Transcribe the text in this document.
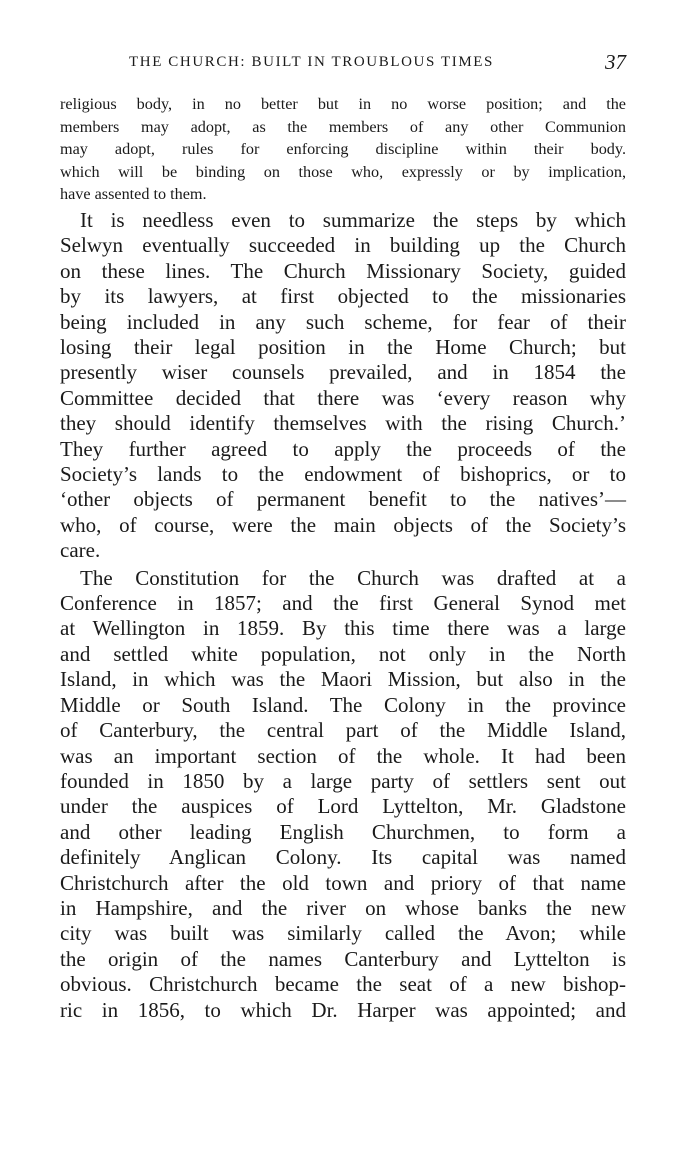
THE CHURCH: BUILT IN TROUBLOUS TIMES	37
religious body, in no better but in no worse position; and the
members may adopt, as the members of any other Communion
may adopt, rules for enforcing discipline within their body.
which will be binding on those who, expressly or by implication,
have assented to them.
It is needless even to summarize the steps by which
Selwyn eventually succeeded in building up the Church
on these lines. The Church Missionary Society, guided
by its lawyers, at first objected to the missionaries
being included in any such scheme, for fear of their
losing their legal position in the Home Church; but
presently wiser counsels prevailed, and in 1854 the
Committee decided that there was ‘every reason why
they should identify themselves with the rising Church.’
They further agreed to apply the proceeds of the
Society’s lands to the endowment of bishoprics, or to
‘other objects of permanent benefit to the natives’—
who, of course, were the main objects of the Society’s
care.
The Constitution for the Church was drafted at a
Conference in 1857; and the first General Synod met
at Wellington in 1859. By this time there was a large
and settled white population, not only in the North
Island, in which was the Maori Mission, but also in the
Middle or South Island. The Colony in the province
of Canterbury, the central part of the Middle Island,
was an important section of the whole. It had been
founded in 1850 by a large party of settlers sent out
under the auspices of Lord Lyttelton, Mr. Gladstone
and other leading English Churchmen, to form a
definitely Anglican Colony. Its capital was named
Christchurch after the old town and priory of that name
in Hampshire, and the river on whose banks the new
city was built was similarly called the Avon; while
the origin of the names Canterbury and Lyttelton is
obvious. Christchurch became the seat of a new bishop-
ric in 1856, to which Dr. Harper was appointed; and
